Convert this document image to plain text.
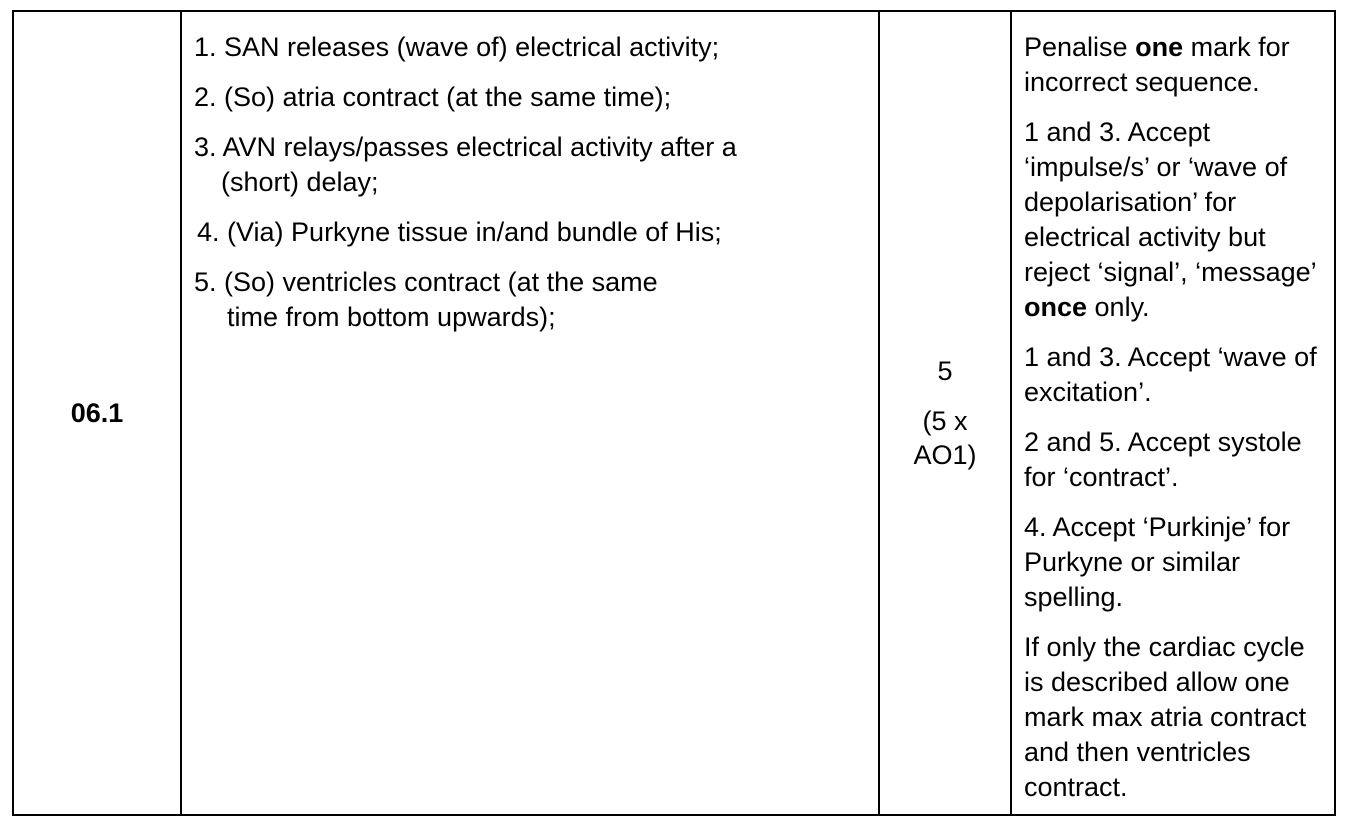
06.1	
1. SAN releases (wave of) electrical activity;
2. (So) atria contract (at the same time);
3. AVN relays/passes electrical activity after a
(short) delay;
4. (Via) Purkyne tissue in/and bundle of His;
5. (So) ventricles contract (at the same
time from bottom upwards);

5
(5 x
AO1)

Penalise one mark for incorrect sequence.
1 and 3. Accept ‘impulse/s’ or ‘wave of depolarisation’ for electrical activity but reject ‘signal’, ‘message’ once only.
1 and 3. Accept ‘wave of excitation’.
2 and 5. Accept systole for ‘contract’.
4. Accept ‘Purkinje’ for Purkyne or similar spelling.
If only the cardiac cycle is described allow one mark max atria contract and then ventricles contract.
